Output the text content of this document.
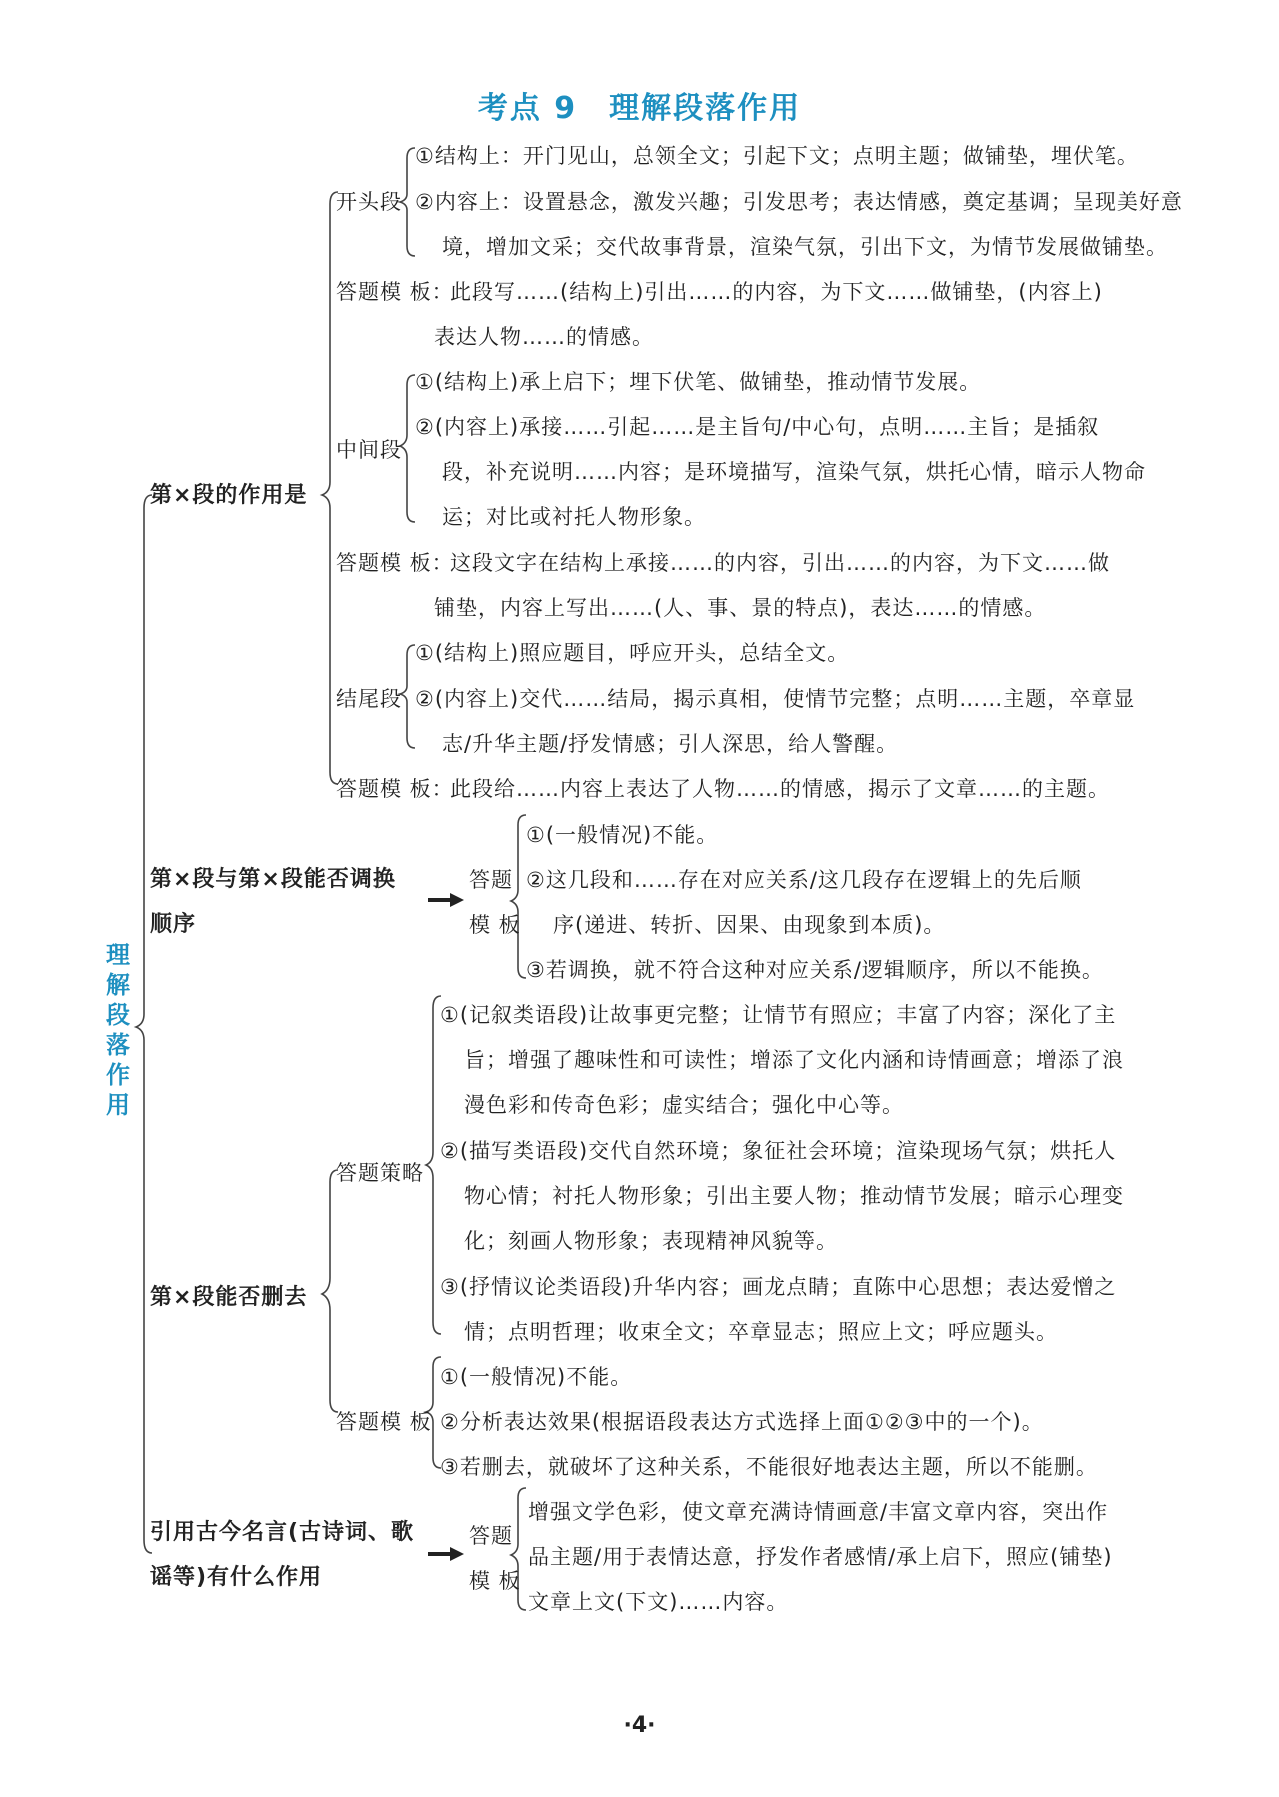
考点 9　理解段落作用
理
解
段
落
作
用
第×段的作用是
开头段
①结构上：开门见山，总领全文；引起下文；点明主题；做铺垫，埋伏笔。
②内容上：设置悬念，激发兴趣；引发思考；表达情感，奠定基调；呈现美好意
境，增加文采；交代故事背景，渲染气氛，引出下文，为情节发展做铺垫。
答题模 板：
此段写……(结构上)引出……的内容，为下文……做铺垫，(内容上)
表达人物……的情感。
中间段
①(结构上)承上启下；埋下伏笔、做铺垫，推动情节发展。
②(内容上)承接……引起……是主旨句/中心句，点明……主旨；是插叙
段，补充说明……内容；是环境描写，渲染气氛，烘托心情，暗示人物命
运；对比或衬托人物形象。
答题模 板：
这段文字在结构上承接……的内容，引出……的内容，为下文……做
铺垫，内容上写出……(人、事、景的特点)，表达……的情感。
结尾段
①(结构上)照应题目，呼应开头，总结全文。
②(内容上)交代……结局，揭示真相，使情节完整；点明……主题，卒章显
志/升华主题/抒发情感；引人深思，给人警醒。
答题模 板：
此段给……内容上表达了人物……的情感，揭示了文章……的主题。
第×段与第×段能否调换
顺序
答题
模 板
①(一般情况)不能。
②这几段和……存在对应关系/这几段存在逻辑上的先后顺
序(递进、转折、因果、由现象到本质)。
③若调换，就不符合这种对应关系/逻辑顺序，所以不能换。
第×段能否删去
答题策略
①(记叙类语段)让故事更完整；让情节有照应；丰富了内容；深化了主
旨；增强了趣味性和可读性；增添了文化内涵和诗情画意；增添了浪
漫色彩和传奇色彩；虚实结合；强化中心等。
②(描写类语段)交代自然环境；象征社会环境；渲染现场气氛；烘托人
物心情；衬托人物形象；引出主要人物；推动情节发展；暗示心理变
化；刻画人物形象；表现精神风貌等。
③(抒情议论类语段)升华内容；画龙点睛；直陈中心思想；表达爱憎之
情；点明哲理；收束全文；卒章显志；照应上文；呼应题头。
答题模 板
①(一般情况)不能。
②分析表达效果(根据语段表达方式选择上面①②③中的一个)。
③若删去，就破坏了这种关系，不能很好地表达主题，所以不能删。
引用古今名言(古诗词、歌
谣等)有什么作用
答题
模 板
增强文学色彩，使文章充满诗情画意/丰富文章内容，突出作
品主题/用于表情达意，抒发作者感情/承上启下，照应(铺垫)
文章上文(下文)……内容。
·4·
